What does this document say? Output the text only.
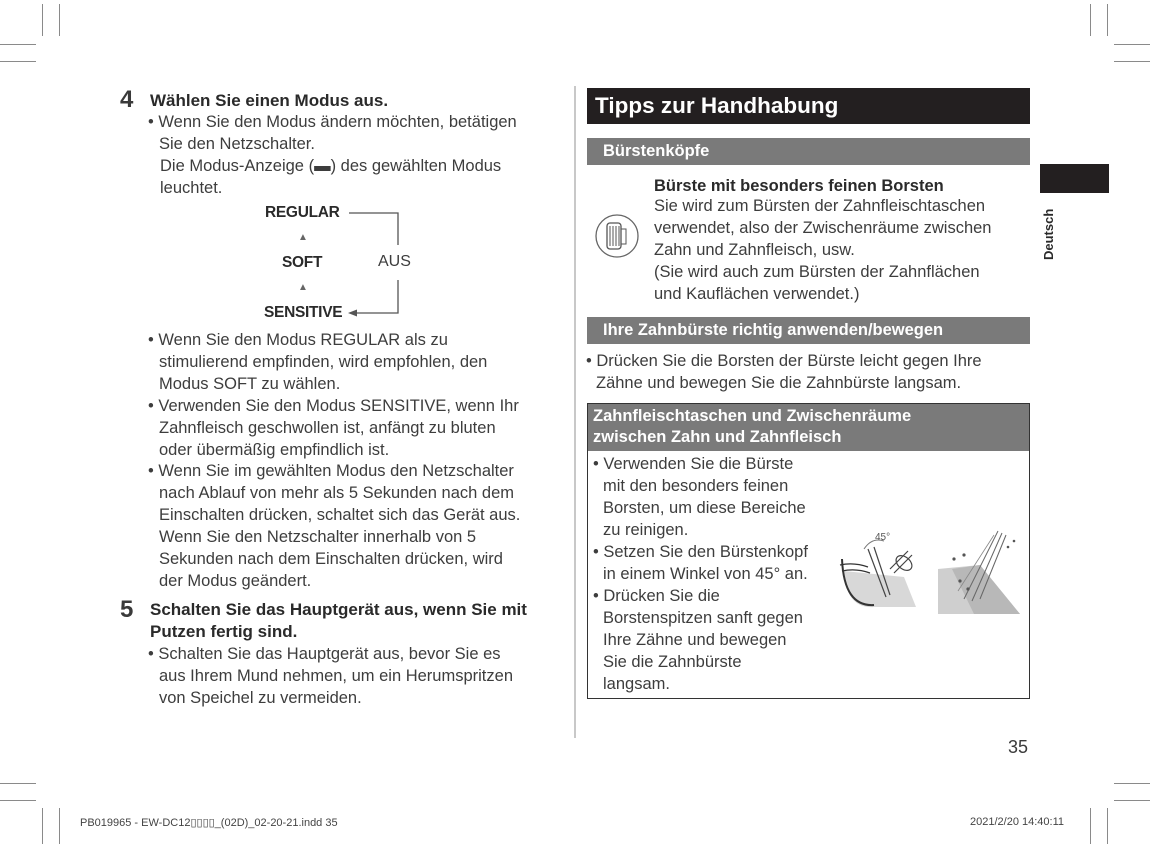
4 Wählen Sie einen Modus aus.
• Wenn Sie den Modus ändern möchten, betätigen
Sie den Netzschalter.
Die Modus-Anzeige (▬) des gewählten Modus
leuchtet.
REGULAR
▲
SOFT	AUS
▲
SENSITIVE
• Wenn Sie den Modus REGULAR als zu
stimulierend empfinden, wird empfohlen, den
Modus SOFT zu wählen.
• Verwenden Sie den Modus SENSITIVE, wenn Ihr
Zahnfleisch geschwollen ist, anfängt zu bluten
oder übermäßig empfindlich ist.
• Wenn Sie im gewählten Modus den Netzschalter
nach Ablauf von mehr als 5 Sekunden nach dem
Einschalten drücken, schaltet sich das Gerät aus.
Wenn Sie den Netzschalter innerhalb von 5
Sekunden nach dem Einschalten drücken, wird
der Modus geändert.
5 Schalten Sie das Hauptgerät aus, wenn Sie mit
Putzen fertig sind.
• Schalten Sie das Hauptgerät aus, bevor Sie es
aus Ihrem Mund nehmen, um ein Herumspritzen
von Speichel zu vermeiden.
Tipps zur Handhabung
Bürstenköpfe
Bürste mit besonders feinen Borsten
Sie wird zum Bürsten der Zahnfleischtaschen
verwendet, also der Zwischenräume zwischen
Zahn und Zahnfleisch, usw.
(Sie wird auch zum Bürsten der Zahnflächen
und Kauflächen verwendet.)
Ihre Zahnbürste richtig anwenden/bewegen
• Drücken Sie die Borsten der Bürste leicht gegen Ihre
Zähne und bewegen Sie die Zahnbürste langsam.
Zahnfleischtaschen und Zwischenräume
zwischen Zahn und Zahnfleisch
• Verwenden Sie die Bürste
mit den besonders feinen
Borsten, um diese Bereiche
zu reinigen.
• Setzen Sie den Bürstenkopf
in einem Winkel von 45° an.
• Drücken Sie die
Borstenspitzen sanft gegen
Ihre Zähne und bewegen
Sie die Zahnbürste
langsam.
45°
Deutsch
35
PB019965 - EW-DC12▯▯▯▯_(02D)_02-20-21.indd 35	2021/2/20 14:40:11
